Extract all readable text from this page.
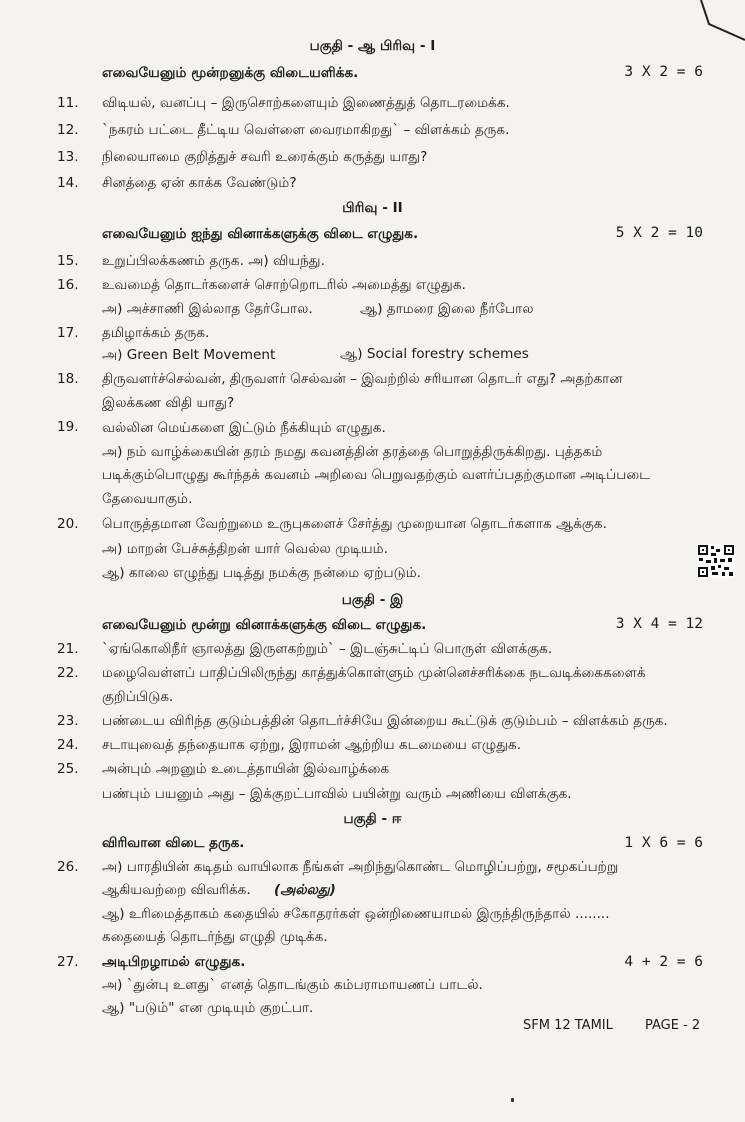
பகுதி - ஆ பிரிவு - I
எவையேனும் மூன்றனுக்கு விடையளிக்க.	3 X 2 = 6
11. விடியல், வனப்பு – இருசொற்களையும் இணைத்துத் தொடரமைக்க.
12. `நகரம் பட்டை தீட்டிய வெள்ளை வைரமாகிறது` – விளக்கம் தருக.
13. நிலையாமை குறித்துச் சவரி உரைக்கும் கருத்து யாது?
14. சினத்தை ஏன் காக்க வேண்டும்?
பிரிவு - II
எவையேனும் ஐந்து வினாக்களுக்கு விடை எழுதுக.	5 X 2 = 10
15. உறுப்பிலக்கணம் தருக. அ) வியந்து.
16. உவமைத் தொடர்களைச் சொற்றொடரில் அமைத்து எழுதுக.
அ) அச்சாணி இல்லாத தேர்போல.	ஆ) தாமரை இலை நீர்போல
17. தமிழாக்கம் தருக.
அ) Green Belt Movement	ஆ) Social forestry schemes
18. திருவளர்ச்செல்வன், திருவளர் செல்வன் – இவற்றில் சரியான தொடர் எது? அதற்கான
இலக்கண விதி யாது?
19. வல்லின மெய்களை இட்டும் நீக்கியும் எழுதுக.
அ) நம் வாழ்க்கையின் தரம் நமது கவனத்தின் தரத்தை பொறுத்திருக்கிறது. புத்தகம்
படிக்கும்பொழுது கூர்ந்தக் கவனம் அறிவை பெறுவதற்கும் வளர்ப்பதற்குமான அடிப்படை
தேவையாகும்.
20. பொருத்தமான வேற்றுமை உருபுகளைச் சேர்த்து முறையான தொடர்களாக ஆக்குக.
அ) மாறன் பேச்சுத்திறன் யார் வெல்ல முடியம்.
ஆ) காலை எழுந்து படித்து நமக்கு நன்மை ஏற்படும்.
பகுதி - இ
எவையேனும் மூன்று வினாக்களுக்கு விடை எழுதுக.	3 X 4 = 12
21. `ஏங்கொலிநீர் ஞாலத்து இருளகற்றும்` – இடஞ்சுட்டிப் பொருள் விளக்குக.
22. மழைவெள்ளப் பாதிப்பிலிருந்து காத்துக்கொள்ளும் முன்னெச்சரிக்கை நடவடிக்கைகளைக்
குறிப்பிடுக.
23. பண்டைய விரிந்த குடும்பத்தின் தொடர்ச்சியே இன்றைய கூட்டுக் குடும்பம் – விளக்கம் தருக.
24. சடாயுவைத் தந்தையாக ஏற்று, இராமன் ஆற்றிய கடமையை எழுதுக.
25. அன்பும் அறனும் உடைத்தாயின் இல்வாழ்க்கை
பண்பும் பயனும் அது – இக்குறட்பாவில் பயின்று வரும் அணியை விளக்குக.
பகுதி - ஈ
விரிவான விடை தருக.	1 X 6 = 6
26. அ) பாரதியின் கடிதம் வாயிலாக நீங்கள் அறிந்துகொண்ட மொழிப்பற்று, சமூகப்பற்று
ஆகியவற்றை விவரிக்க. (அல்லது)
ஆ) உரிமைத்தாகம் கதையில் சகோதரர்கள் ஒன்றிணையாமல் இருந்திருந்தால் ........
கதையைத் தொடர்ந்து எழுதி முடிக்க.
27. அடிபிறழாமல் எழுதுக.	4 + 2 = 6
அ) `துன்பு உளது` எனத் தொடங்கும் கம்பராமாயணப் பாடல்.
ஆ) "படும்" என முடியும் குறட்பா.
SFM 12 TAMIL PAGE - 2
